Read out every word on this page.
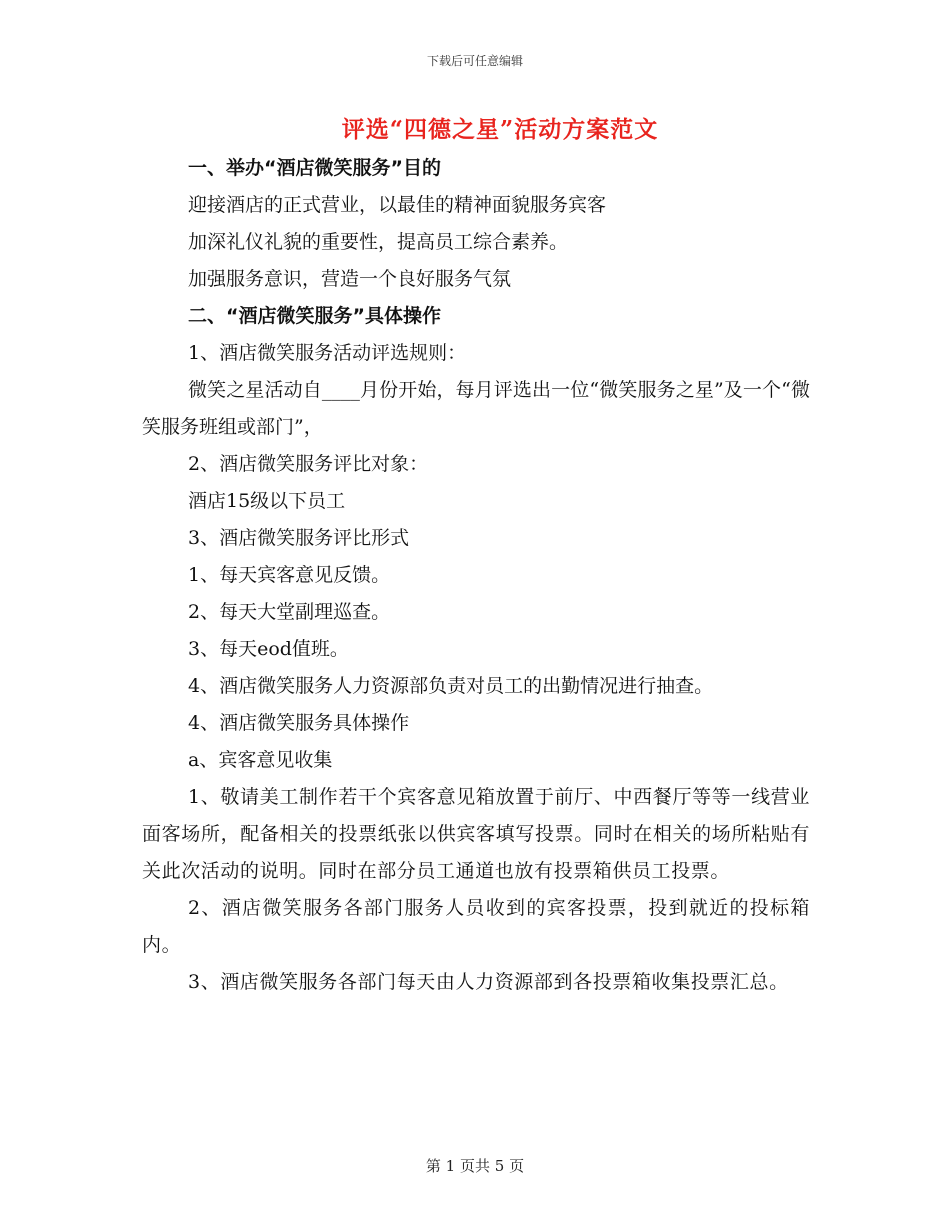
下载后可任意编辑
评选“四德之星”活动方案范文

一、举办“酒店微笑服务”目的

迎接酒店的正式营业，以最佳的精神面貌服务宾客

加深礼仪礼貌的重要性，提高员工综合素养。

加强服务意识，营造一个良好服务气氛

二、“酒店微笑服务”具体操作

1、酒店微笑服务活动评选规则：

微笑之星活动自____月份开始，每月评选出一位“微笑服务之星”及一个“微笑服务班组或部门”，

2、酒店微笑服务评比对象：

酒店15级以下员工

3、酒店微笑服务评比形式

1、每天宾客意见反馈。

2、每天大堂副理巡查。

3、每天eod值班。

4、酒店微笑服务人力资源部负责对员工的出勤情况进行抽查。

4、酒店微笑服务具体操作

a、宾客意见收集

1、敬请美工制作若干个宾客意见箱放置于前厅、中西餐厅等等一线营业面客场所，配备相关的投票纸张以供宾客填写投票。同时在相关的场所粘贴有关此次活动的说明。同时在部分员工通道也放有投票箱供员工投票。

2、酒店微笑服务各部门服务人员收到的宾客投票，投到就近的投标箱内。

3、酒店微笑服务各部门每天由人力资源部到各投票箱收集投票汇总。

第 1 页共 5 页
